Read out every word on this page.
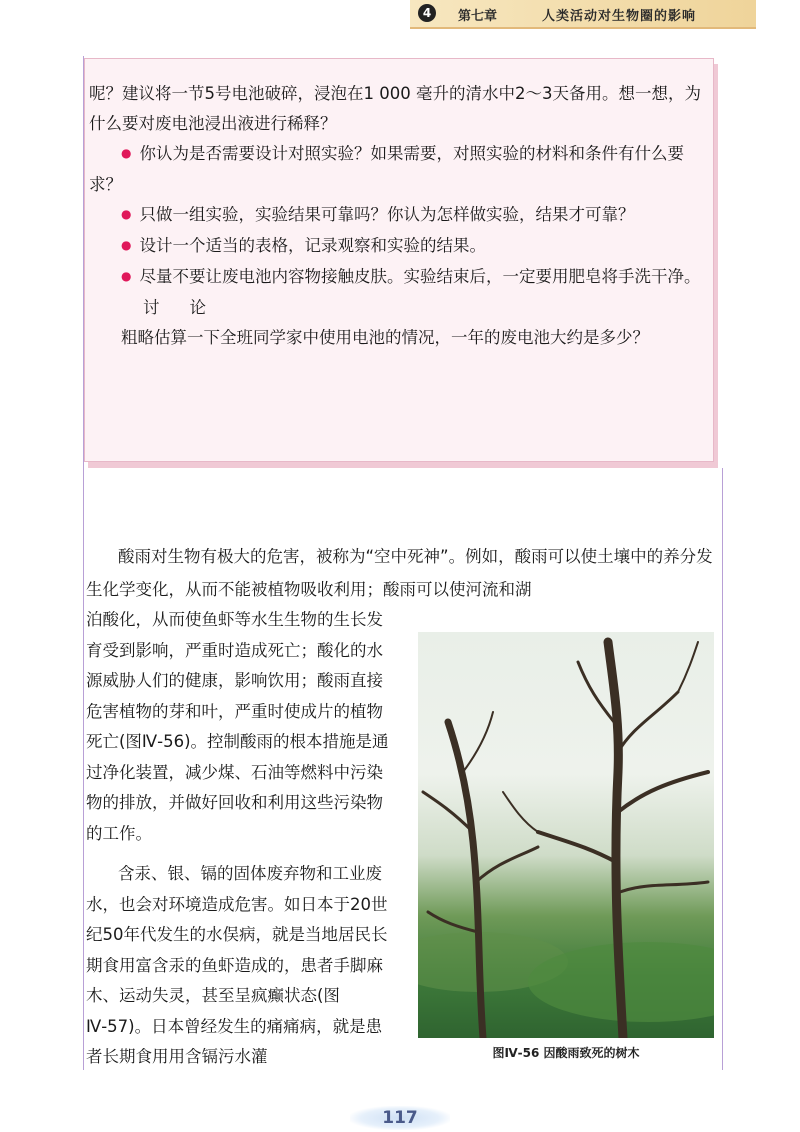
4	第七章	人类活动对生物圈的影响

呢？建议将一节5号电池破碎，浸泡在1 000 毫升的清水中2～3天备用。想一想，为什么要对废电池浸出液进行稀释？

● 你认为是否需要设计对照实验？如果需要，对照实验的材料和条件有什么要求？

● 只做一组实验，实验结果可靠吗？你认为怎样做实验，结果才可靠？

● 设计一个适当的表格，记录观察和实验的结果。

● 尽量不要让废电池内容物接触皮肤。实验结束后，一定要用肥皂将手洗干净。

讨论

粗略估算一下全班同学家中使用电池的情况，一年的废电池大约是多少？

酸雨对生物有极大的危害，被称为“空中死神”。例如，酸雨可以使土壤中的养分发生化学变化，从而不能被植物吸收利用；酸雨可以使河流和湖

泊酸化，从而使鱼虾等水生生物的生长发育受到影响，严重时造成死亡；酸化的水源威胁人们的健康，影响饮用；酸雨直接危害植物的芽和叶，严重时使成片的植物死亡(图Ⅳ-56)。控制酸雨的根本措施是通过净化装置，减少煤、石油等燃料中污染物的排放，并做好回收和利用这些污染物的工作。

含汞、银、镉的固体废弃物和工业废水，也会对环境造成危害。如日本于20世纪50年代发生的水俣病，就是当地居民长期食用富含汞的鱼虾造成的，患者手脚麻木、运动失灵，甚至呈疯癫状态(图Ⅳ-57)。日本曾经发生的痛痛病，就是患者长期食用用含镉污水灌	图Ⅳ-56 因酸雨致死的树木
117
